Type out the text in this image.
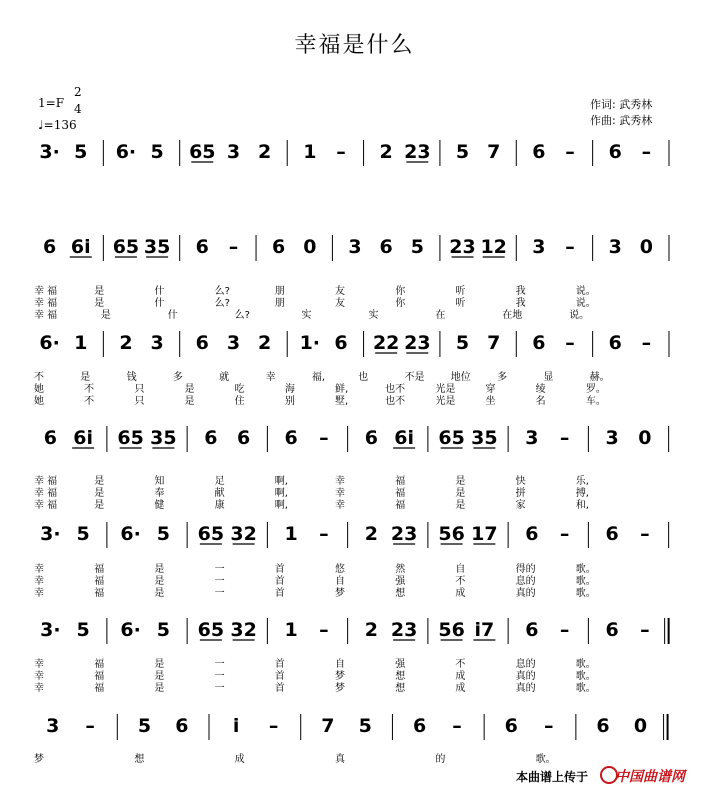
幸福是什么
1=F
2
4
♩=136
作词: 武秀林
作曲: 武秀林
3· 5 6· 5 65 3 2 1 – 2 23 5 7 6 – 6 –
6 6i 65 35 6 – 6 0 3 6 5 23 12 3 – 3 0
6· 1 2 3 6 3 2 1· 6 22 23 5 7 6 – 6 –
6 6i 65 35 6 6 6 – 6 6i 65 35 3 – 3 0
3· 5 6· 5 65 32 1 – 2 23 56 17 6 – 6 –
3· 5 6· 5 65 32 1 – 2 23 56 i7 6 – 6 –
3 – 5 6 i – 7 5 6 – 6 – 6 0
幸 福	是	什	么?	朋	友	你	听	我	说。
幸 福	是	什	么?	朋	友	你	听	我	说。
幸 福	是	什	么?	实	实	在	在地	说。
不	是	钱	多	就	幸	福,	也	不是	地位	多	显	赫。
她	不	只	是	吃	海	鲜,	也不	光是	穿	绫	罗。
她	不	只	是	住	别	墅,	也不	光是	坐	名	车。
幸 福	是	知	足	啊,	幸	福	是	快	乐,
幸 福	是	奉	献	啊,	幸	福	是	拼	搏,
幸 福	是	健	康	啊,	幸	福	是	家	和,
幸	福	是	一	首	悠	然	自	得的	歌。
幸	福	是	一	首	自	强	不	息的	歌。
幸	福	是	一	首	梦	想	成	真的	歌。
幸	福	是	一	首	自	强	不	息的	歌。
幸	福	是	一	首	梦	想	成	真的	歌。
幸	福	是	一	首	梦	想	成	真的	歌。
梦	想	成	真	的	歌。
本曲谱上传于 中国曲谱网
